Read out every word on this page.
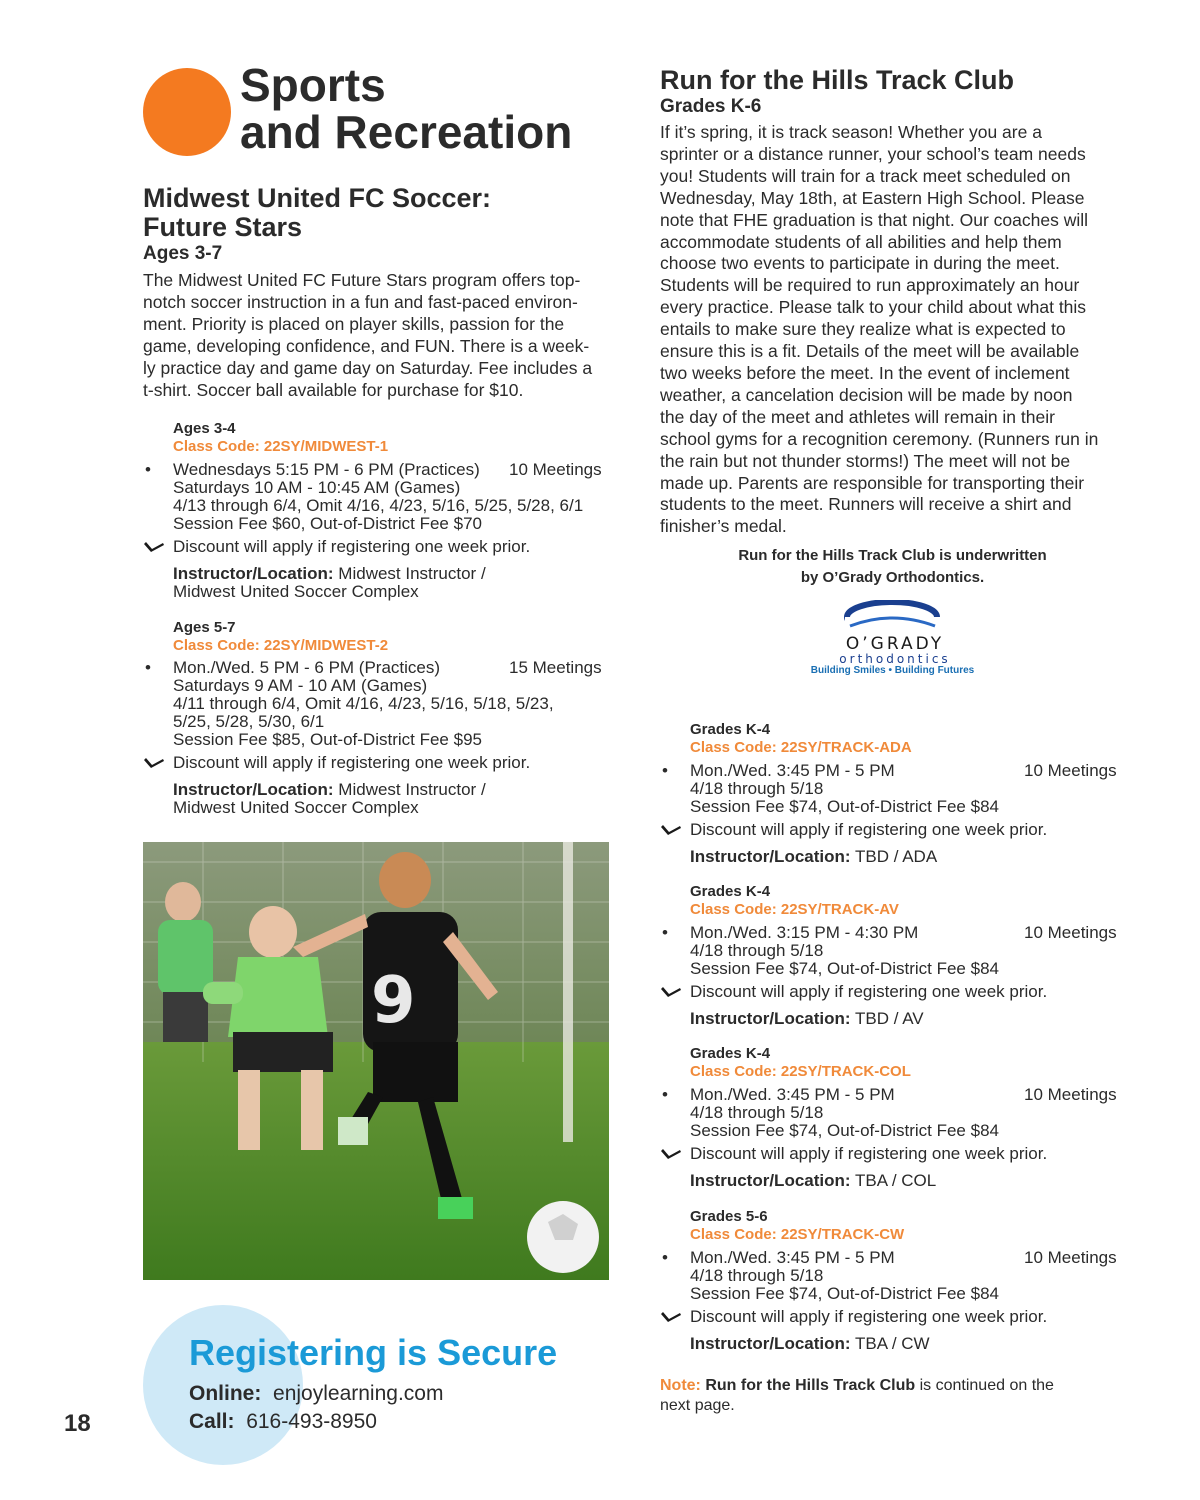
Sports
and Recreation
Midwest United FC Soccer:
Future Stars
Ages 3-7
The Midwest United FC Future Stars program offers top-
notch soccer instruction in a fun and fast-paced environ-
ment. Priority is placed on player skills, passion for the
game, developing confidence, and FUN. There is a week-
ly practice day and game day on Saturday. Fee includes a
t-shirt. Soccer ball available for purchase for $10.
Ages 3-4
Class Code: 22SY/MIDWEST-1
• Wednesdays 5:15 PM - 6 PM (Practices) 10 Meetings
Saturdays 10 AM - 10:45 AM (Games)
4/13 through 6/4, Omit 4/16, 4/23, 5/16, 5/25, 5/28, 6/1
Session Fee $60, Out-of-District Fee $70
Discount will apply if registering one week prior.
Instructor/Location: Midwest Instructor /
Midwest United Soccer Complex
Ages 5-7
Class Code: 22SY/MIDWEST-2
• Mon./Wed. 5 PM - 6 PM (Practices)	15 Meetings
Saturdays 9 AM - 10 AM (Games)
4/11 through 6/4, Omit 4/16, 4/23, 5/16, 5/18, 5/23,
5/25, 5/28, 5/30, 6/1
Session Fee $85, Out-of-District Fee $95
Discount will apply if registering one week prior.
Instructor/Location: Midwest Instructor /
Midwest United Soccer Complex
9
Registering is Secure
Online: enjoylearning.com
Call: 616-493-8950
18
Run for the Hills Track Club
Grades K-6
If it’s spring, it is track season! Whether you are a
sprinter or a distance runner, your school’s team needs
you! Students will train for a track meet scheduled on
Wednesday, May 18th, at Eastern High School. Please
note that FHE graduation is that night. Our coaches will
accommodate students of all abilities and help them
choose two events to participate in during the meet.
Students will be required to run approximately an hour
every practice. Please talk to your child about what this
entails to make sure they realize what is expected to
ensure this is a fit. Details of the meet will be available
two weeks before the meet. In the event of inclement
weather, a cancelation decision will be made by noon
the day of the meet and athletes will remain in their
school gyms for a recognition ceremony. (Runners run in
the rain but not thunder storms!) The meet will not be
made up. Parents are responsible for transporting their
students to the meet. Runners will receive a shirt and
finisher’s medal.
Run for the Hills Track Club is underwritten
by O’Grady Orthodontics.
O’GRADY
orthodontics
Building Smiles • Building Futures
Grades K-4
Class Code: 22SY/TRACK-ADA
• Mon./Wed. 3:45 PM - 5 PM	10 Meetings
4/18 through 5/18
Session Fee $74, Out-of-District Fee $84
Discount will apply if registering one week prior.
Instructor/Location: TBD / ADA
Grades K-4
Class Code: 22SY/TRACK-AV
• Mon./Wed. 3:15 PM - 4:30 PM	10 Meetings
4/18 through 5/18
Session Fee $74, Out-of-District Fee $84
Discount will apply if registering one week prior.
Instructor/Location: TBD / AV
Grades K-4
Class Code: 22SY/TRACK-COL
• Mon./Wed. 3:45 PM - 5 PM	10 Meetings
4/18 through 5/18
Session Fee $74, Out-of-District Fee $84
Discount will apply if registering one week prior.
Instructor/Location: TBA / COL
Grades 5-6
Class Code: 22SY/TRACK-CW
• Mon./Wed. 3:45 PM - 5 PM	10 Meetings
4/18 through 5/18
Session Fee $74, Out-of-District Fee $84
Discount will apply if registering one week prior.
Instructor/Location: TBA / CW
Note: Run for the Hills Track Club is continued on the
next page.
